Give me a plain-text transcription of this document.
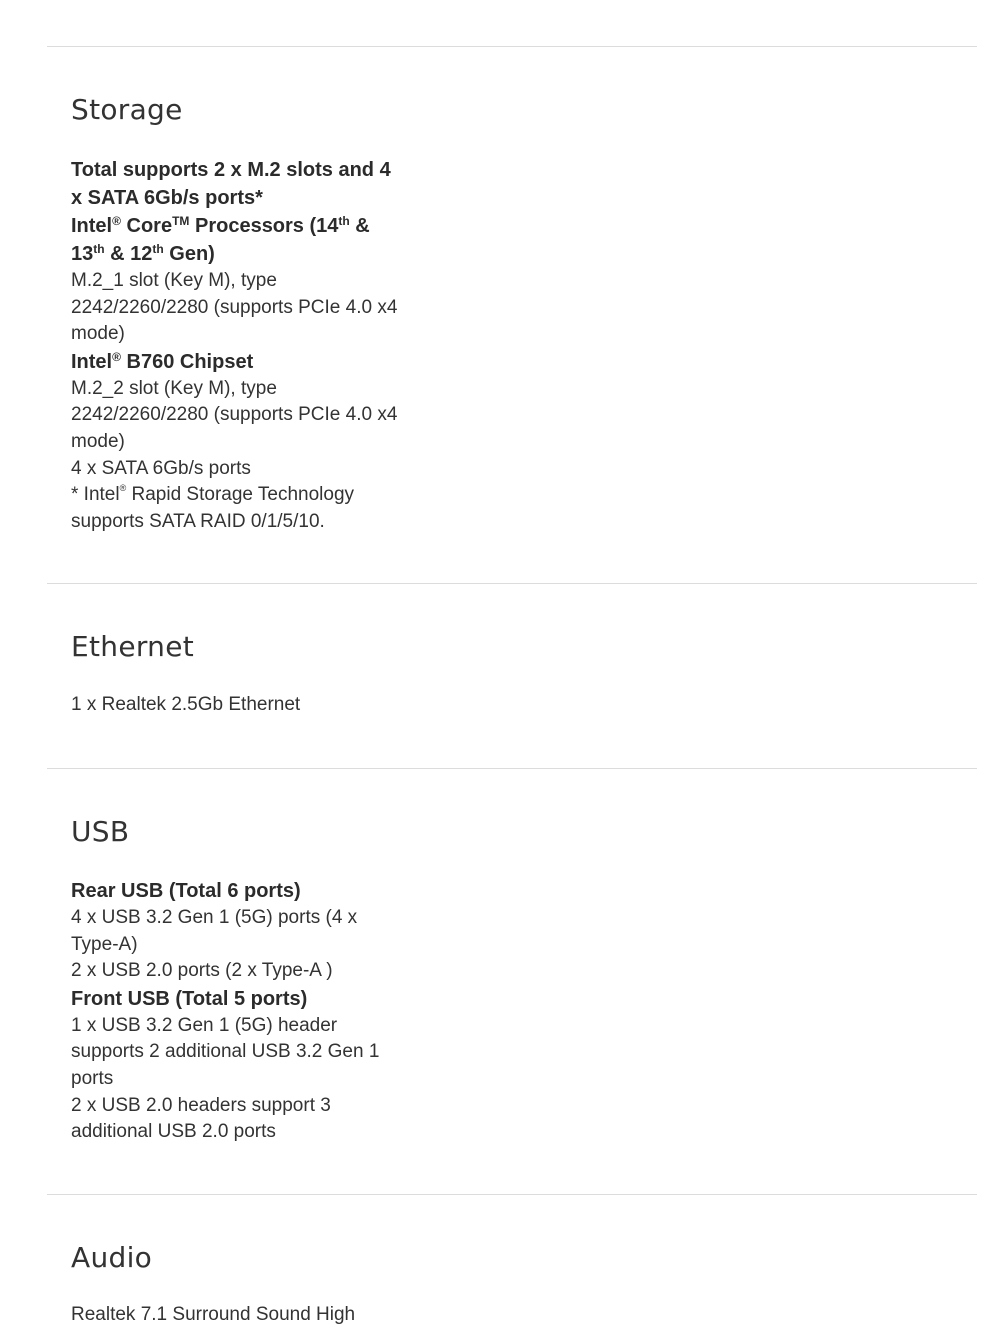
Storage

Total supports 2 x M.2 slots and 4 x SATA 6Gb/s ports*

Intel® Core™ Processors (14th & 13th & 12th Gen)

M.2_1 slot (Key M), type 2242/2260/2280 (supports PCIe 4.0 x4 mode)

Intel® B760 Chipset

M.2_2 slot (Key M), type 2242/2260/2280 (supports PCIe 4.0 x4 mode)

4 x SATA 6Gb/s ports

* Intel® Rapid Storage Technology supports SATA RAID 0/1/5/10.

Ethernet

1 x Realtek 2.5Gb Ethernet

USB

Rear USB (Total 6 ports)

4 x USB 3.2 Gen 1 (5G) ports (4 x Type-A)

2 x USB 2.0 ports (2 x Type-A )

Front USB (Total 5 ports)

1 x USB 3.2 Gen 1 (5G) header supports 2 additional USB 3.2 Gen 1 ports

2 x USB 2.0 headers support 3 additional USB 2.0 ports

Audio

Realtek 7.1 Surround Sound High
